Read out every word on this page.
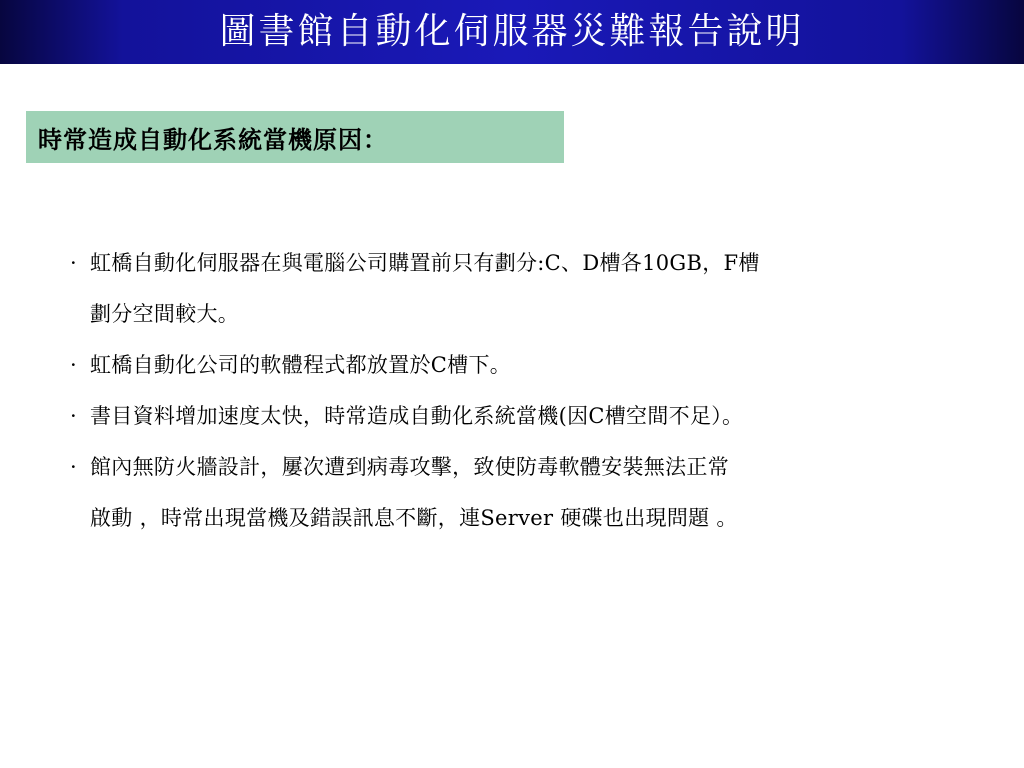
圖書館自動化伺服器災難報告說明
時常造成自動化系統當機原因：
· 虹橋自動化伺服器在與電腦公司購置前只有劃分:C、D槽各10GB，F槽
劃分空間較大。
· 虹橋自動化公司的軟體程式都放置於C槽下。
· 書目資料增加速度太快，時常造成自動化系統當機(因C槽空間不足）。
· 館內無防火牆設計，屢次遭到病毒攻擊，致使防毒軟體安裝無法正常
啟動 ，時常出現當機及錯誤訊息不斷，連Server 硬碟也出現問題 。
